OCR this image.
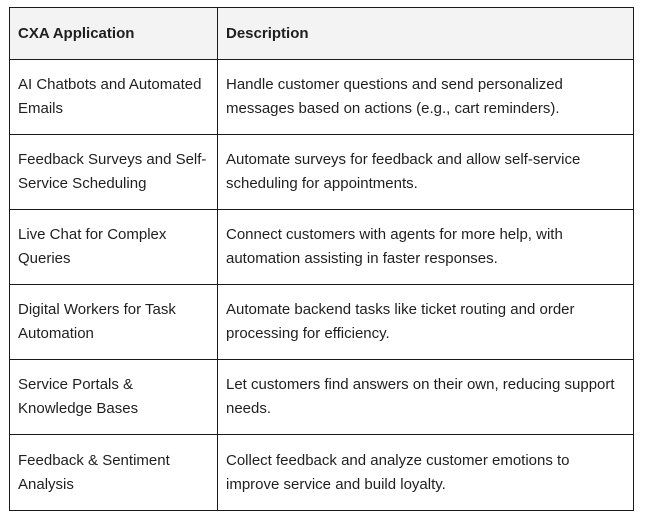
CXA Application	Description
AI Chatbots and Automated Emails	Handle customer questions and send personalized messages based on actions (e.g., cart reminders).
Feedback Surveys and Self-Service Scheduling	Automate surveys for feedback and allow self-service scheduling for appointments.
Live Chat for Complex Queries	Connect customers with agents for more help, with automation assisting in faster responses.
Digital Workers for Task Automation	Automate backend tasks like ticket routing and order processing for efficiency.
Service Portals & Knowledge Bases	Let customers find answers on their own, reducing support needs.
Feedback & Sentiment Analysis	Collect feedback and analyze customer emotions to improve service and build loyalty.
